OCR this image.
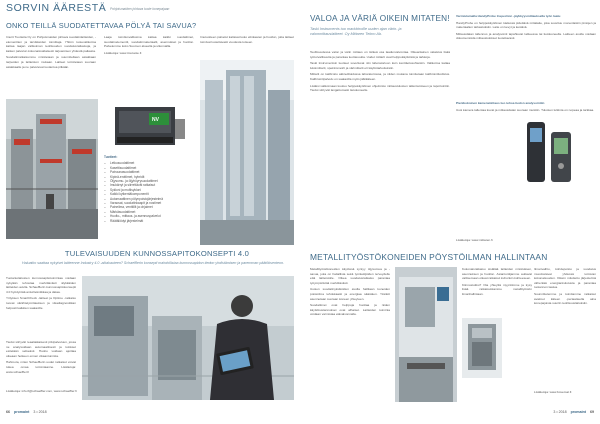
SORVIN ÄÄRESTÄ Pohjoismaiden johtava tuote konepajaan
ONKO TEILLÄ SUODATETTAVAA PÖLYÄ TAI SAVUA?

Imurit Tuotteita Oy on Pohjoismaiden johtava suodatinlaitteiden, -elementtien ja tarvikkeiden toimittaja. Yhtiön tuotevalikoima kattaa laajan valikoiman teollisuuden suodatusratkaisuja, ja kaiken palvelun kokonaisvaltaisesti tarjoamisen yhdestä paikasta.

Suodatinratkaisumme mitoitetaan ja suunnitellaan asiakkaan tarpeiden ja laitteiston mukaan. Laitteet toimitetaan suoraan asiakkaalle ja ne palvelevat tuotantoa pitkään.

Laaja toimitusvalikoima kattaa kaikki suodattimet, suodatinelementit, suodatinmateriaalit, asennukset ja huollon. Palvelemme koko Suomen alueella ja ulkomailla.

Lisätietoja: www.imutuote.fi

Imutuotteen palvelut kattavat koko elinkaaren ja huollon, jotta laitteet toimivat luotettavasti vuodesta toiseen.

NV

Tuotteet:

– Letkusuodattimet
– Kasettisuodattimet
– Patruunasuodattimet
– Kipinä-erottimet, hybridit
– Öljysumu- ja öljyhöyrysuodattimet
– Imukärryt ja siirrettävät ratkaisut
– Sykloni ja multisykloni
– Kaikki kytkentäkomponentit
– Automaattinen pölynpoistojärjestelmä
– Varaosat, suodatinkaapit ja nostimet
– Paineilma, venttiilit ja ohjaimet
– Märkäsuodattimet
– Huolto-, mittaus- ja asennuspalvelut
– Räätälöidyt järjestelmät
TULEVAISUUDEN KUNNOSSAPITOKONSEPTI 4.0
Haluatko saattaa nykyiset laitteenne Industry 4.0 -aikakauteen? Schaefflerin konsepti mahdollistaa kunnossapidon tiedon yhdistämisen ja paremman päätöksenteon.

Tuotantolaitosten kunnossapitotoimintaa voidaan nykyään tehostaa merkittävästi älykkäiden laitteiden avulla. Schaefflerin kunnossapitokonsepti 4.0 hyödyntää anturitekniikkaa ja dataa.

Yrityksen SmartCheck -laitteet ja Optime -ratkaisu tuovat värähtelymittauksen ja vikadiagnostiikan helposti kaikkien saataville.

Tiedot siirtyvät reaaliaikaisesti pilvipalveluun, jossa ne analysoidaan automaattisesti ja tulokset esitetään selkeästi. Huolto voidaan ajoittaa oikeaan hetkeen ennen vikaantumista.

Hahmota, miten Schaefflerin uudet ratkaisut voivat tukea omaa toimintaanne. Lisätietoja: www.schaeffler.fi

Lisätietoja: info.fi@schaeffler.com, www.schaeffler.fi
66 promaint 3 • 2018
VALOA JA VÄRIÄ OIKEIN MITATEN!
Taski Instruments tuo markkinoille uuden ajan värin- ja valonmittauslaitteet. Oy Mittaren Tekno Ab.

Teollisuudessa valon ja värin mittaus on tärkeä osa laadunvalvontaa. Oikeanlainen valaistus lisää työturvallisuutta ja parantaa tuottavuutta. Uudet mittarit ovat helppokäyttöisiä ja tarkkoja.

Taski Instrumentsin tuotteet soveltuvat niin laboratorioon kuin kenttäolosuhteisiin. Valikoima kattaa luksimittarit, spektrometrit ja värimittarit eri käyttötarkoituksiin.

Mittarit on kalibroitu akkreditoidussa laboratoriossa, ja niiden mukana toimitetaan kalibrointitodistus. Kalibrointipalvelu on saatavilla myös jälkikäteen.

Lisäksi valikoimaan kuuluu helppokäyttöinen ohjelmisto mittaustulosten tallentamiseen ja raportointiin. Tiedot siirtyvät langattomasti tietokoneelle.

Varmistamalla HandyProbe Inspection -jäykkyysmittauksella työn laatu

HandyProbe on helppokäyttöinen kädessä pidettävä mittalaite, joka soveltuu monenlaisiin pintojen ja materiaalien tarkastuksiin. Laite on kevyt ja kestävä.

Mittausdatan tallennus ja analysointi tapahtuvat laitteessa tai tietokoneella. Laitteen avulla voidaan dokumentoida mittaustulokset luotettavasti.

Pienikokoinen kameramittaus tuo tehoa tiedon analysointiin

Uusi kamera tallentaa kuvat ja mittausdatan suoraan muistiin. Tulosten tulkinta on nopeaa ja tarkkaa.

Lisätietoja: www.mittaren.fi
METALLITYÖSTÖKONEIDEN PÖYSTÖILMAN HALLINTAAN

Metallityöstökoneiden käytössä syntyy öljysumua ja -savua, joka on haitallista sekä työntekijöiden terveydelle että laitteistolle. Oikea suodatusratkaisu parantaa työympäristöä merkittävästi.

Uusien suodatinyksiköiden avulla hallitaan koneiden poistoilma tehokkaasti ja energiaa säästäen. Yksiköt asennetaan suoraan koneen yhteyteen.

Suodattimet ovat helppoja huoltaa ja niiden käyttökustannukset ovat alhaiset. Laitteiden toiminta voidaan varmistaa etävalvonnalla.

Kokonaisratkaisu sisältää laitteiden mitoituksen, asennuksen ja huollon. Asiantuntijamme auttavat valitsemaan oikeat ratkaisut kuhunkin kohteeseen.

Kiinnostuitko? Ota yhteyttä myyntiimme ja kysy lisää ratkaisuistamme metallityöstön ilmanhallintaan.

Ilmanvaihto, kohdepoisto ja suodatus muodostavat yhdessä toimivan kokonaisuuden. Oikein mitoitettu järjestelmä vähentää energiankulutusta ja parantaa tuotannon laatua.

Suunnittelemme ja toimitamme ratkaisut avaimet käteen -periaatteella aina konepajoista suuriin teollisuuslaitoksiin.

Lisätietoja: www.bovemat.fi
3 • 2018 promaint 69
